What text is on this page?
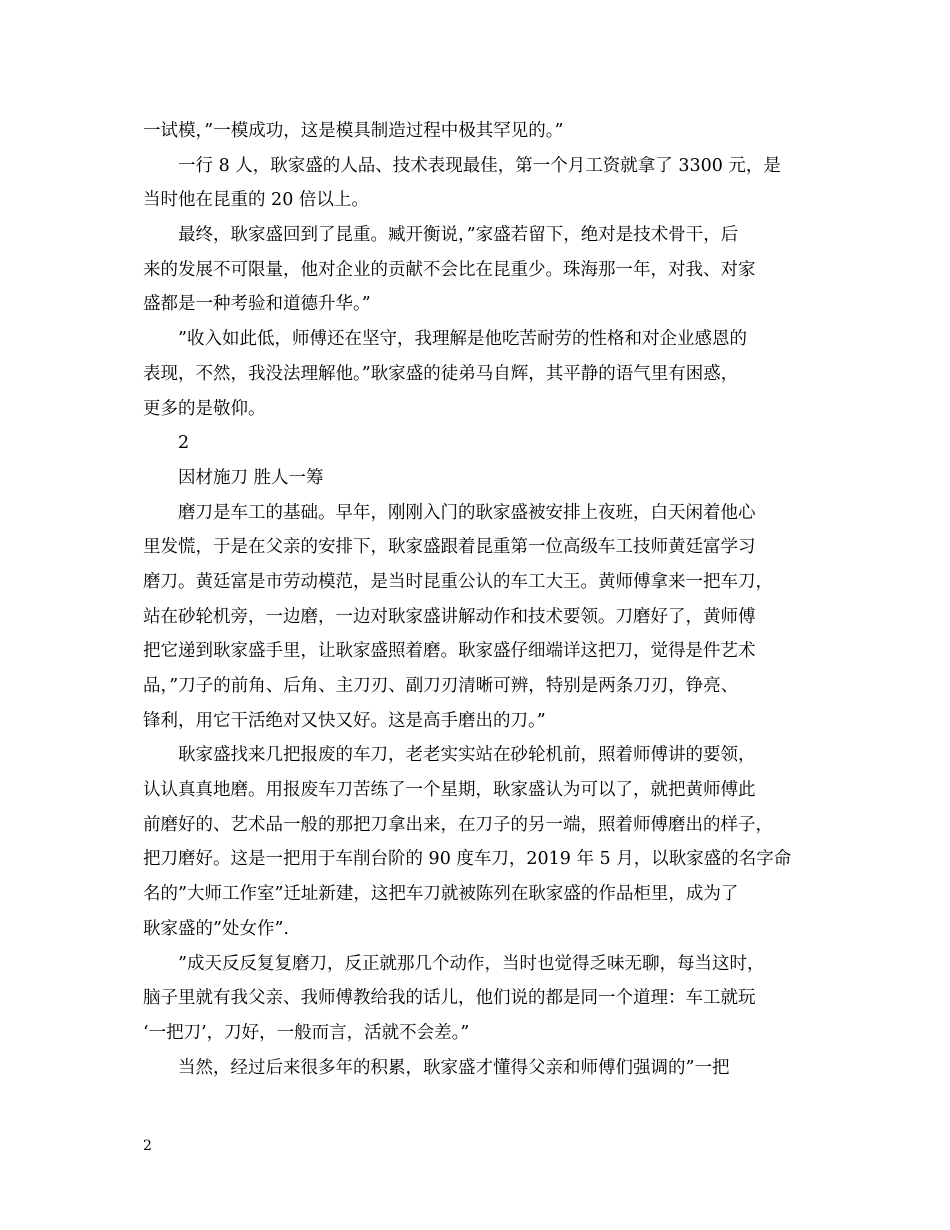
一试模，”一模成功，这是模具制造过程中极其罕见的。”
一行 8 人，耿家盛的人品、技术表现最佳，第一个月工资就拿了 3300 元，是
当时他在昆重的 20 倍以上。
最终，耿家盛回到了昆重。臧开衡说，”家盛若留下，绝对是技术骨干，后
来的发展不可限量，他对企业的贡献不会比在昆重少。珠海那一年，对我、对家
盛都是一种考验和道德升华。”
”收入如此低，师傅还在坚守，我理解是他吃苦耐劳的性格和对企业感恩的
表现，不然，我没法理解他。”耿家盛的徒弟马自辉，其平静的语气里有困惑，
更多的是敬仰。
2
因材施刀 胜人一筹
磨刀是车工的基础。早年，刚刚入门的耿家盛被安排上夜班，白天闲着他心
里发慌，于是在父亲的安排下，耿家盛跟着昆重第一位高级车工技师黄廷富学习
磨刀。黄廷富是市劳动模范，是当时昆重公认的车工大王。黄师傅拿来一把车刀，
站在砂轮机旁，一边磨，一边对耿家盛讲解动作和技术要领。刀磨好了，黄师傅
把它递到耿家盛手里，让耿家盛照着磨。耿家盛仔细端详这把刀，觉得是件艺术
品，”刀子的前角、后角、主刀刃、副刀刃清晰可辨，特别是两条刀刃，铮亮、
锋利，用它干活绝对又快又好。这是高手磨出的刀。”
耿家盛找来几把报废的车刀，老老实实站在砂轮机前，照着师傅讲的要领，
认认真真地磨。用报废车刀苦练了一个星期，耿家盛认为可以了，就把黄师傅此
前磨好的、艺术品一般的那把刀拿出来，在刀子的另一端，照着师傅磨出的样子，
把刀磨好。这是一把用于车削台阶的 90 度车刀，2019 年 5 月，以耿家盛的名字命
名的”大师工作室”迁址新建，这把车刀就被陈列在耿家盛的作品柜里，成为了
耿家盛的”处女作”.
”成天反反复复磨刀，反正就那几个动作，当时也觉得乏味无聊，每当这时，
脑子里就有我父亲、我师傅教给我的话儿，他们说的都是同一个道理：车工就玩
‘一把刀’，刀好，一般而言，活就不会差。”
当然，经过后来很多年的积累，耿家盛才懂得父亲和师傅们强调的”一把
2
